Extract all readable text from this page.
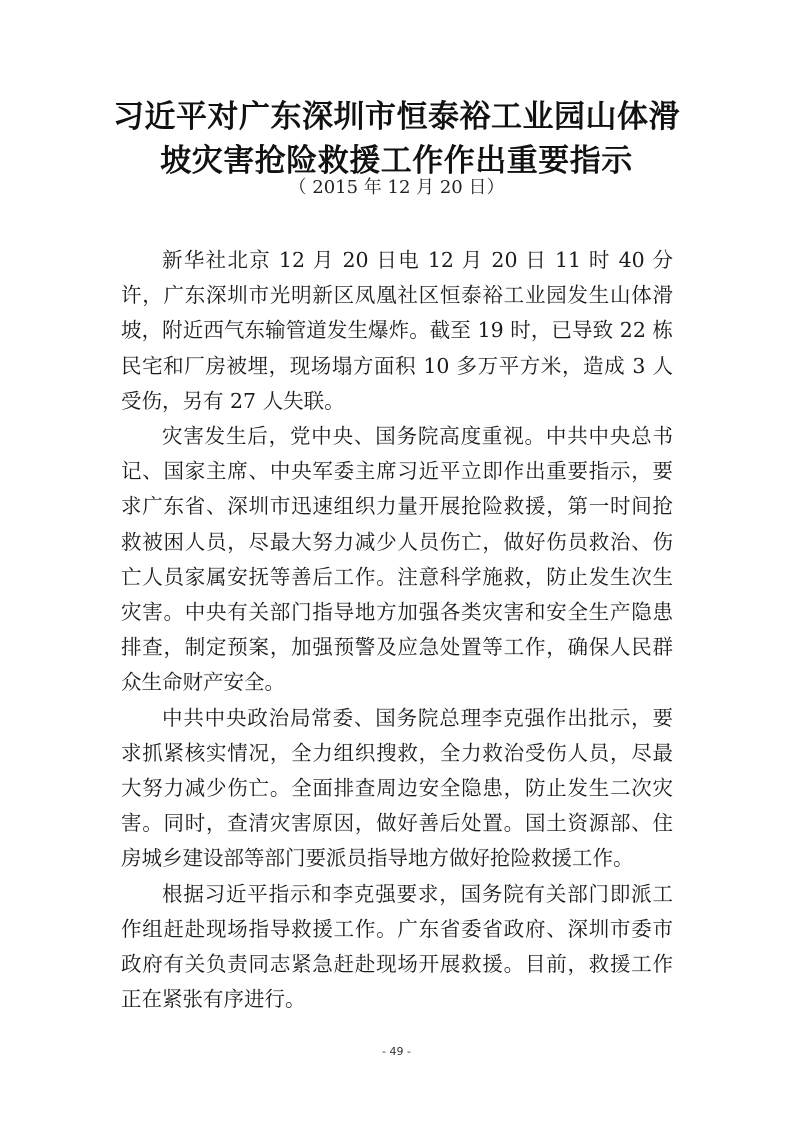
习近平对广东深圳市恒泰裕工业园山体滑
坡灾害抢险救援工作作出重要指示
（ 2015 年 12 月 20 日）

新华社北京 12 月 20 日电 12 月 20 日 11 时 40 分许，广东深圳市光明新区凤凰社区恒泰裕工业园发生山体滑坡，附近西气东输管道发生爆炸。截至 19 时，已导致 22 栋民宅和厂房被埋，现场塌方面积 10 多万平方米，造成 3 人受伤，另有 27 人失联。

灾害发生后，党中央、国务院高度重视。中共中央总书记、国家主席、中央军委主席习近平立即作出重要指示，要求广东省、深圳市迅速组织力量开展抢险救援，第一时间抢救被困人员，尽最大努力减少人员伤亡，做好伤员救治、伤亡人员家属安抚等善后工作。注意科学施救，防止发生次生灾害。中央有关部门指导地方加强各类灾害和安全生产隐患排查，制定预案，加强预警及应急处置等工作，确保人民群众生命财产安全。

中共中央政治局常委、国务院总理李克强作出批示，要求抓紧核实情况，全力组织搜救，全力救治受伤人员，尽最大努力减少伤亡。全面排查周边安全隐患，防止发生二次灾害。同时，查清灾害原因，做好善后处置。国土资源部、住房城乡建设部等部门要派员指导地方做好抢险救援工作。

根据习近平指示和李克强要求，国务院有关部门即派工作组赶赴现场指导救援工作。广东省委省政府、深圳市委市政府有关负责同志紧急赶赴现场开展救援。目前，救援工作正在紧张有序进行。

- 49 -
